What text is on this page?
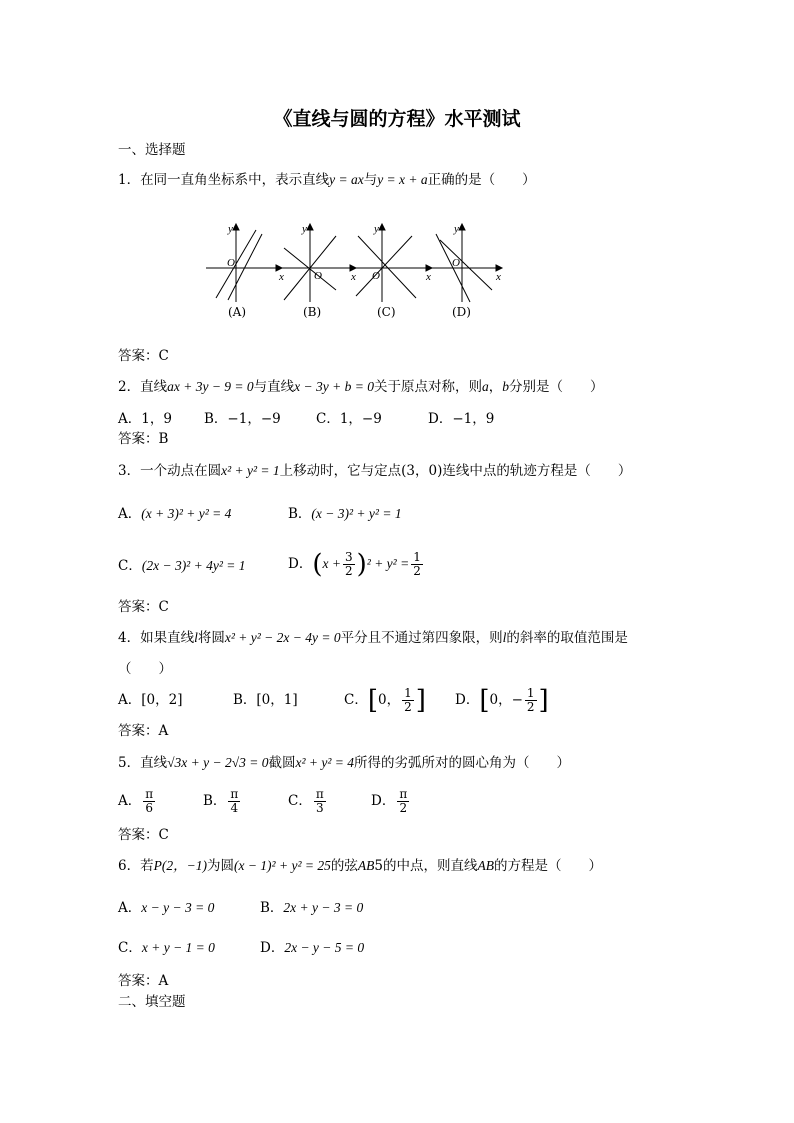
《直线与圆的方程》水平测试
一、选择题
1．在同一直角坐标系中，表示直线y = ax与y = x + a正确的是（　　）
y
x
O
y
x
O
y
x
O
y
x
O
(A)	(B)	(C)	(D)
答案：C
2．直线ax + 3y − 9 = 0与直线x − 3y + b = 0关于原点对称，则a，b分别是（　　）
A．1，9 B．−1，−9	C．1，−9	D．−1，9
答案：B
3．一个动点在圆x² + y² = 1上移动时，它与定点(3，0)连线中点的轨迹方程是（　　）
A．(x + 3)² + y² = 4	B．(x − 3)² + y² = 1
C．(2x − 3)² + 4y² = 1	D．$(x + \frac{3}{2} )^2 + y^2 = \frac{1}{2}$
答案：C
4．如果直线l将圆x² + y² − 2x − 4y = 0平分且不通过第四象限，则l的斜率的取值范围是
（　　）
A．[0，2]	B．[0，1]	C．[0， $\frac{1}{2}$ ] D．[0，− $\frac{1}{2}$ ]
答案：A
5．直线√3x + y − 2√3 = 0截圆x² + y² = 4所得的劣弧所对的圆心角为（　　）
A． $\frac{\pi}{6}$	B． $\frac{\pi}{4}$	C． $\frac{\pi}{3}$	D． $\frac{\pi}{2}$
答案：C
6．若P(2，−1)为圆(x − 1)² + y² = 25的弦AB5的中点，则直线AB的方程是（　　）
A．x − y − 3 = 0	B．2x + y − 3 = 0
C．x + y − 1 = 0	D．2x − y − 5 = 0
答案：A
二、填空题
